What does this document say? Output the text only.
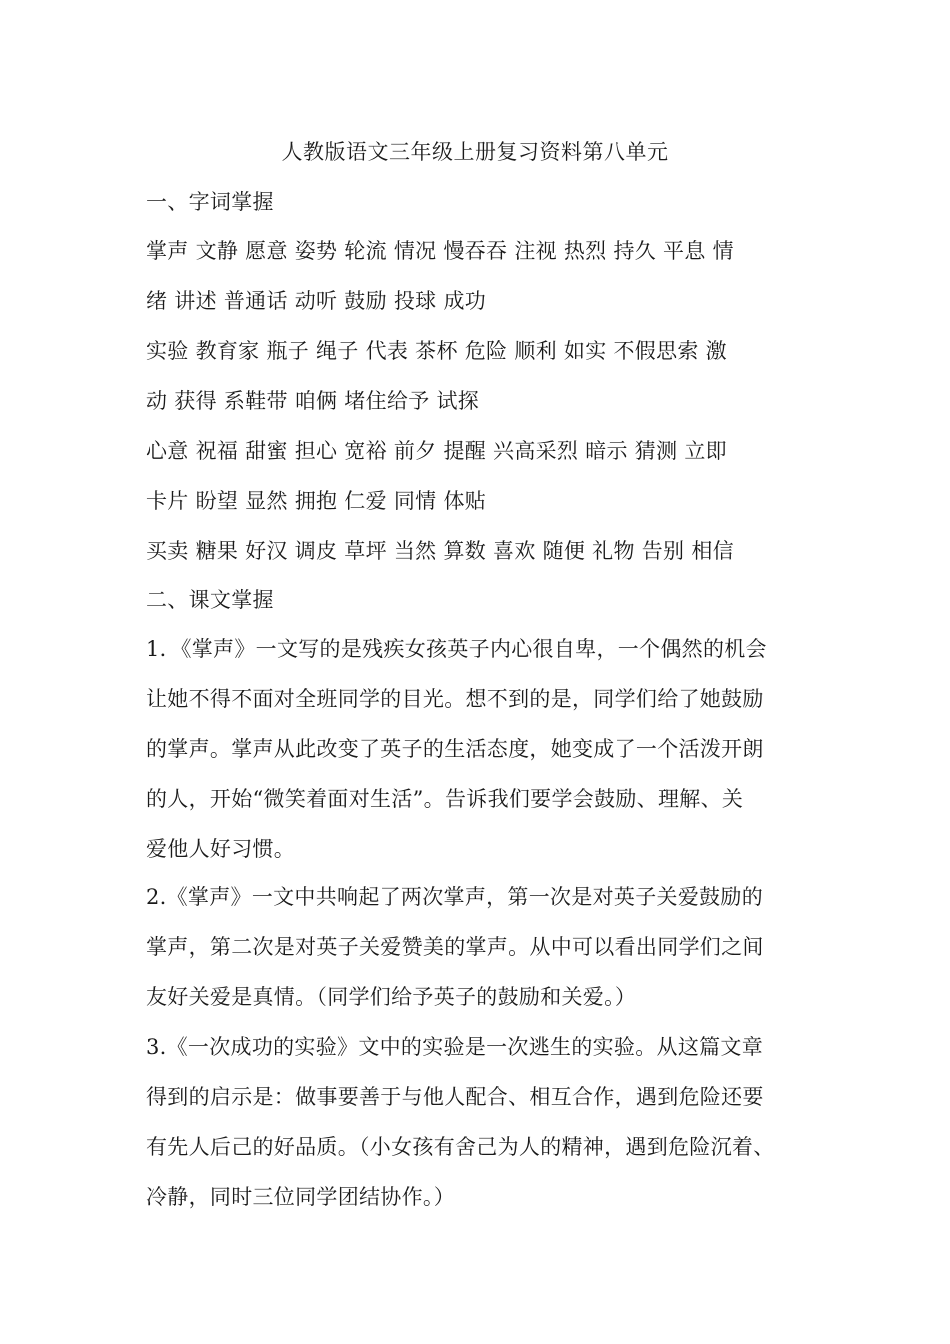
人教版语文三年级上册复习资料第八单元
一、字词掌握
掌声 文静 愿意 姿势 轮流 情况 慢吞吞 注视 热烈 持久 平息 情
绪 讲述 普通话 动听 鼓励 投球 成功
实验 教育家 瓶子 绳子 代表 茶杯 危险 顺利 如实 不假思索 激
动 获得 系鞋带 咱俩 堵住给予 试探
心意 祝福 甜蜜 担心 宽裕 前夕 提醒 兴高采烈 暗示 猜测 立即
卡片 盼望 显然 拥抱 仁爱 同情 体贴
买卖 糖果 好汉 调皮 草坪 当然 算数 喜欢 随便 礼物 告别 相信
二、课文掌握
1．《掌声》一文写的是残疾女孩英子内心很自卑，一个偶然的机会
让她不得不面对全班同学的目光。想不到的是，同学们给了她鼓励
的掌声。掌声从此改变了英子的生活态度，她变成了一个活泼开朗
的人，开始“微笑着面对生活”。告诉我们要学会鼓励、理解、关
爱他人好习惯。
2.《掌声》一文中共响起了两次掌声，第一次是对英子关爱鼓励的
掌声，第二次是对英子关爱赞美的掌声。从中可以看出同学们之间
友好关爱是真情。（同学们给予英子的鼓励和关爱。）
3.《一次成功的实验》文中的实验是一次逃生的实验。从这篇文章
得到的启示是：做事要善于与他人配合、相互合作，遇到危险还要
有先人后己的好品质。（小女孩有舍己为人的精神，遇到危险沉着、
冷静，同时三位同学团结协作。）
